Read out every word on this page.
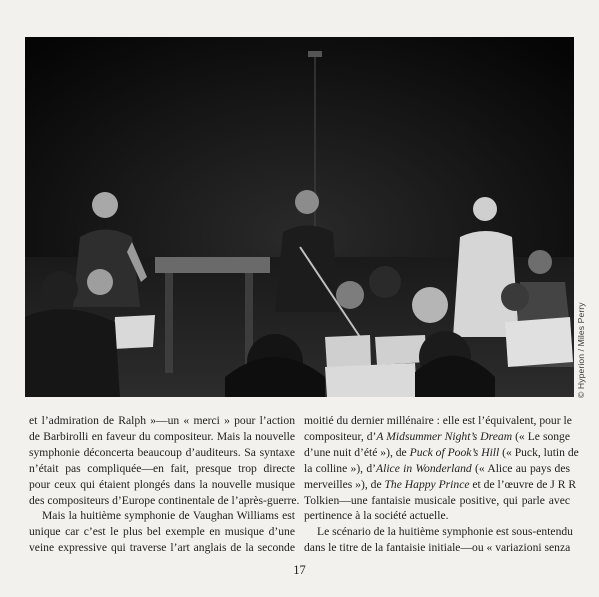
© Hyperion / Miles Perry

et l’admiration de Ralph »—un « merci » pour l’action
de Barbirolli en faveur du compositeur. Mais la nouvelle
symphonie déconcerta beaucoup d’auditeurs. Sa syntaxe
n’était pas compliquée—en fait, presque trop directe
pour ceux qui étaient plongés dans la nouvelle musique
des compositeurs d’Europe continentale de l’après-guerre.

Mais la huitième symphonie de Vaughan Williams est
unique car c’est le plus bel exemple en musique d’une
veine expressive qui traverse l’art anglais de la seconde

moitié du dernier millénaire : elle est l’équivalent, pour le
compositeur, d’A Midsummer Night’s Dream (« Le songe
d’une nuit d’été »), de Puck of Pook’s Hill (« Puck, lutin de
la colline »), d’Alice in Wonderland (« Alice au pays des
merveilles »), de The Happy Prince et de l’œuvre de J R R
Tolkien—une fantaisie musicale positive, qui parle avec
pertinence à la société actuelle.

Le scénario de la huitième symphonie est sous-entendu
dans le titre de la fantaisie initiale—ou « variazioni senza

17
